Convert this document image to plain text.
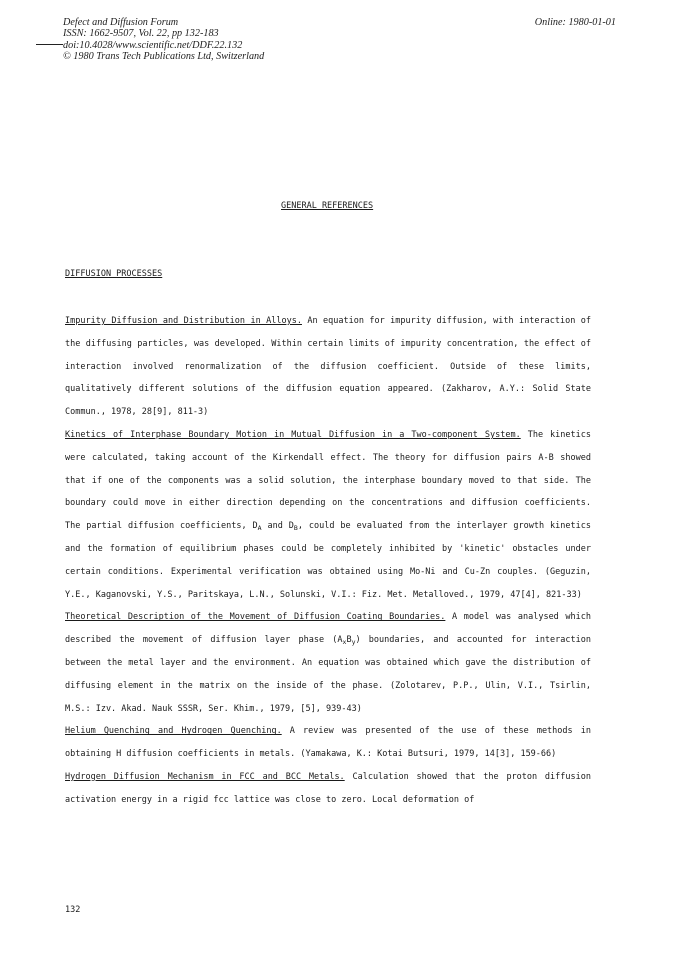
Defect and Diffusion Forum
ISSN: 1662-9507, Vol. 22, pp 132-183
doi:10.4028/www.scientific.net/DDF.22.132
© 1980 Trans Tech Publications Ltd, Switzerland
Online: 1980-01-01
GENERAL REFERENCES
DIFFUSION PROCESSES
Impurity Diffusion and Distribution in Alloys. An equation for impurity diffusion, with interaction of the diffusing particles, was developed. Within certain limits of impurity concentration, the effect of interaction involved renormalization of the diffusion coefficient. Outside of these limits, qualitatively different solutions of the diffusion equation appeared. (Zakharov, A.Y.: Solid State Commun., 1978, 28[9], 811-3)
Kinetics of Interphase Boundary Motion in Mutual Diffusion in a Two-component System. The kinetics were calculated, taking account of the Kirkendall effect. The theory for diffusion pairs A-B showed that if one of the components was a solid solution, the interphase boundary moved to that side. The boundary could move in either direction depending on the concentrations and diffusion coefficients. The partial diffusion coefficients, $D_A$ and $D_B$, could be evaluated from the interlayer growth kinetics and the formation of equilibrium phases could be completely inhibited by 'kinetic' obstacles under certain conditions. Experimental verification was obtained using Mo-Ni and Cu-Zn couples. (Geguzin, Y.E., Kaganovski, Y.S., Paritskaya, L.N., Solunski, V.I.: Fiz. Met. Metalloved., 1979, 47[4], 821-33)
Theoretical Description of the Movement of Diffusion Coating Boundaries. A model was analysed which described the movement of diffusion layer phase $(A_xB_y)$ boundaries, and accounted for interaction between the metal layer and the environment. An equation was obtained which gave the distribution of diffusing element in the matrix on the inside of the phase. (Zolotarev, P.P., Ulin, V.I., Tsirlin, M.S.: Izv. Akad. Nauk SSSR, Ser. Khim., 1979, [5], 939-43)
Helium Quenching and Hydrogen Quenching. A review was presented of the use of these methods in obtaining H diffusion coefficients in metals. (Yamakawa, K.: Kotai Butsuri, 1979, 14[3], 159-66)
Hydrogen Diffusion Mechanism in FCC and BCC Metals. Calculation showed that the proton diffusion activation energy in a rigid fcc lattice was close to zero. Local deformation of
132
